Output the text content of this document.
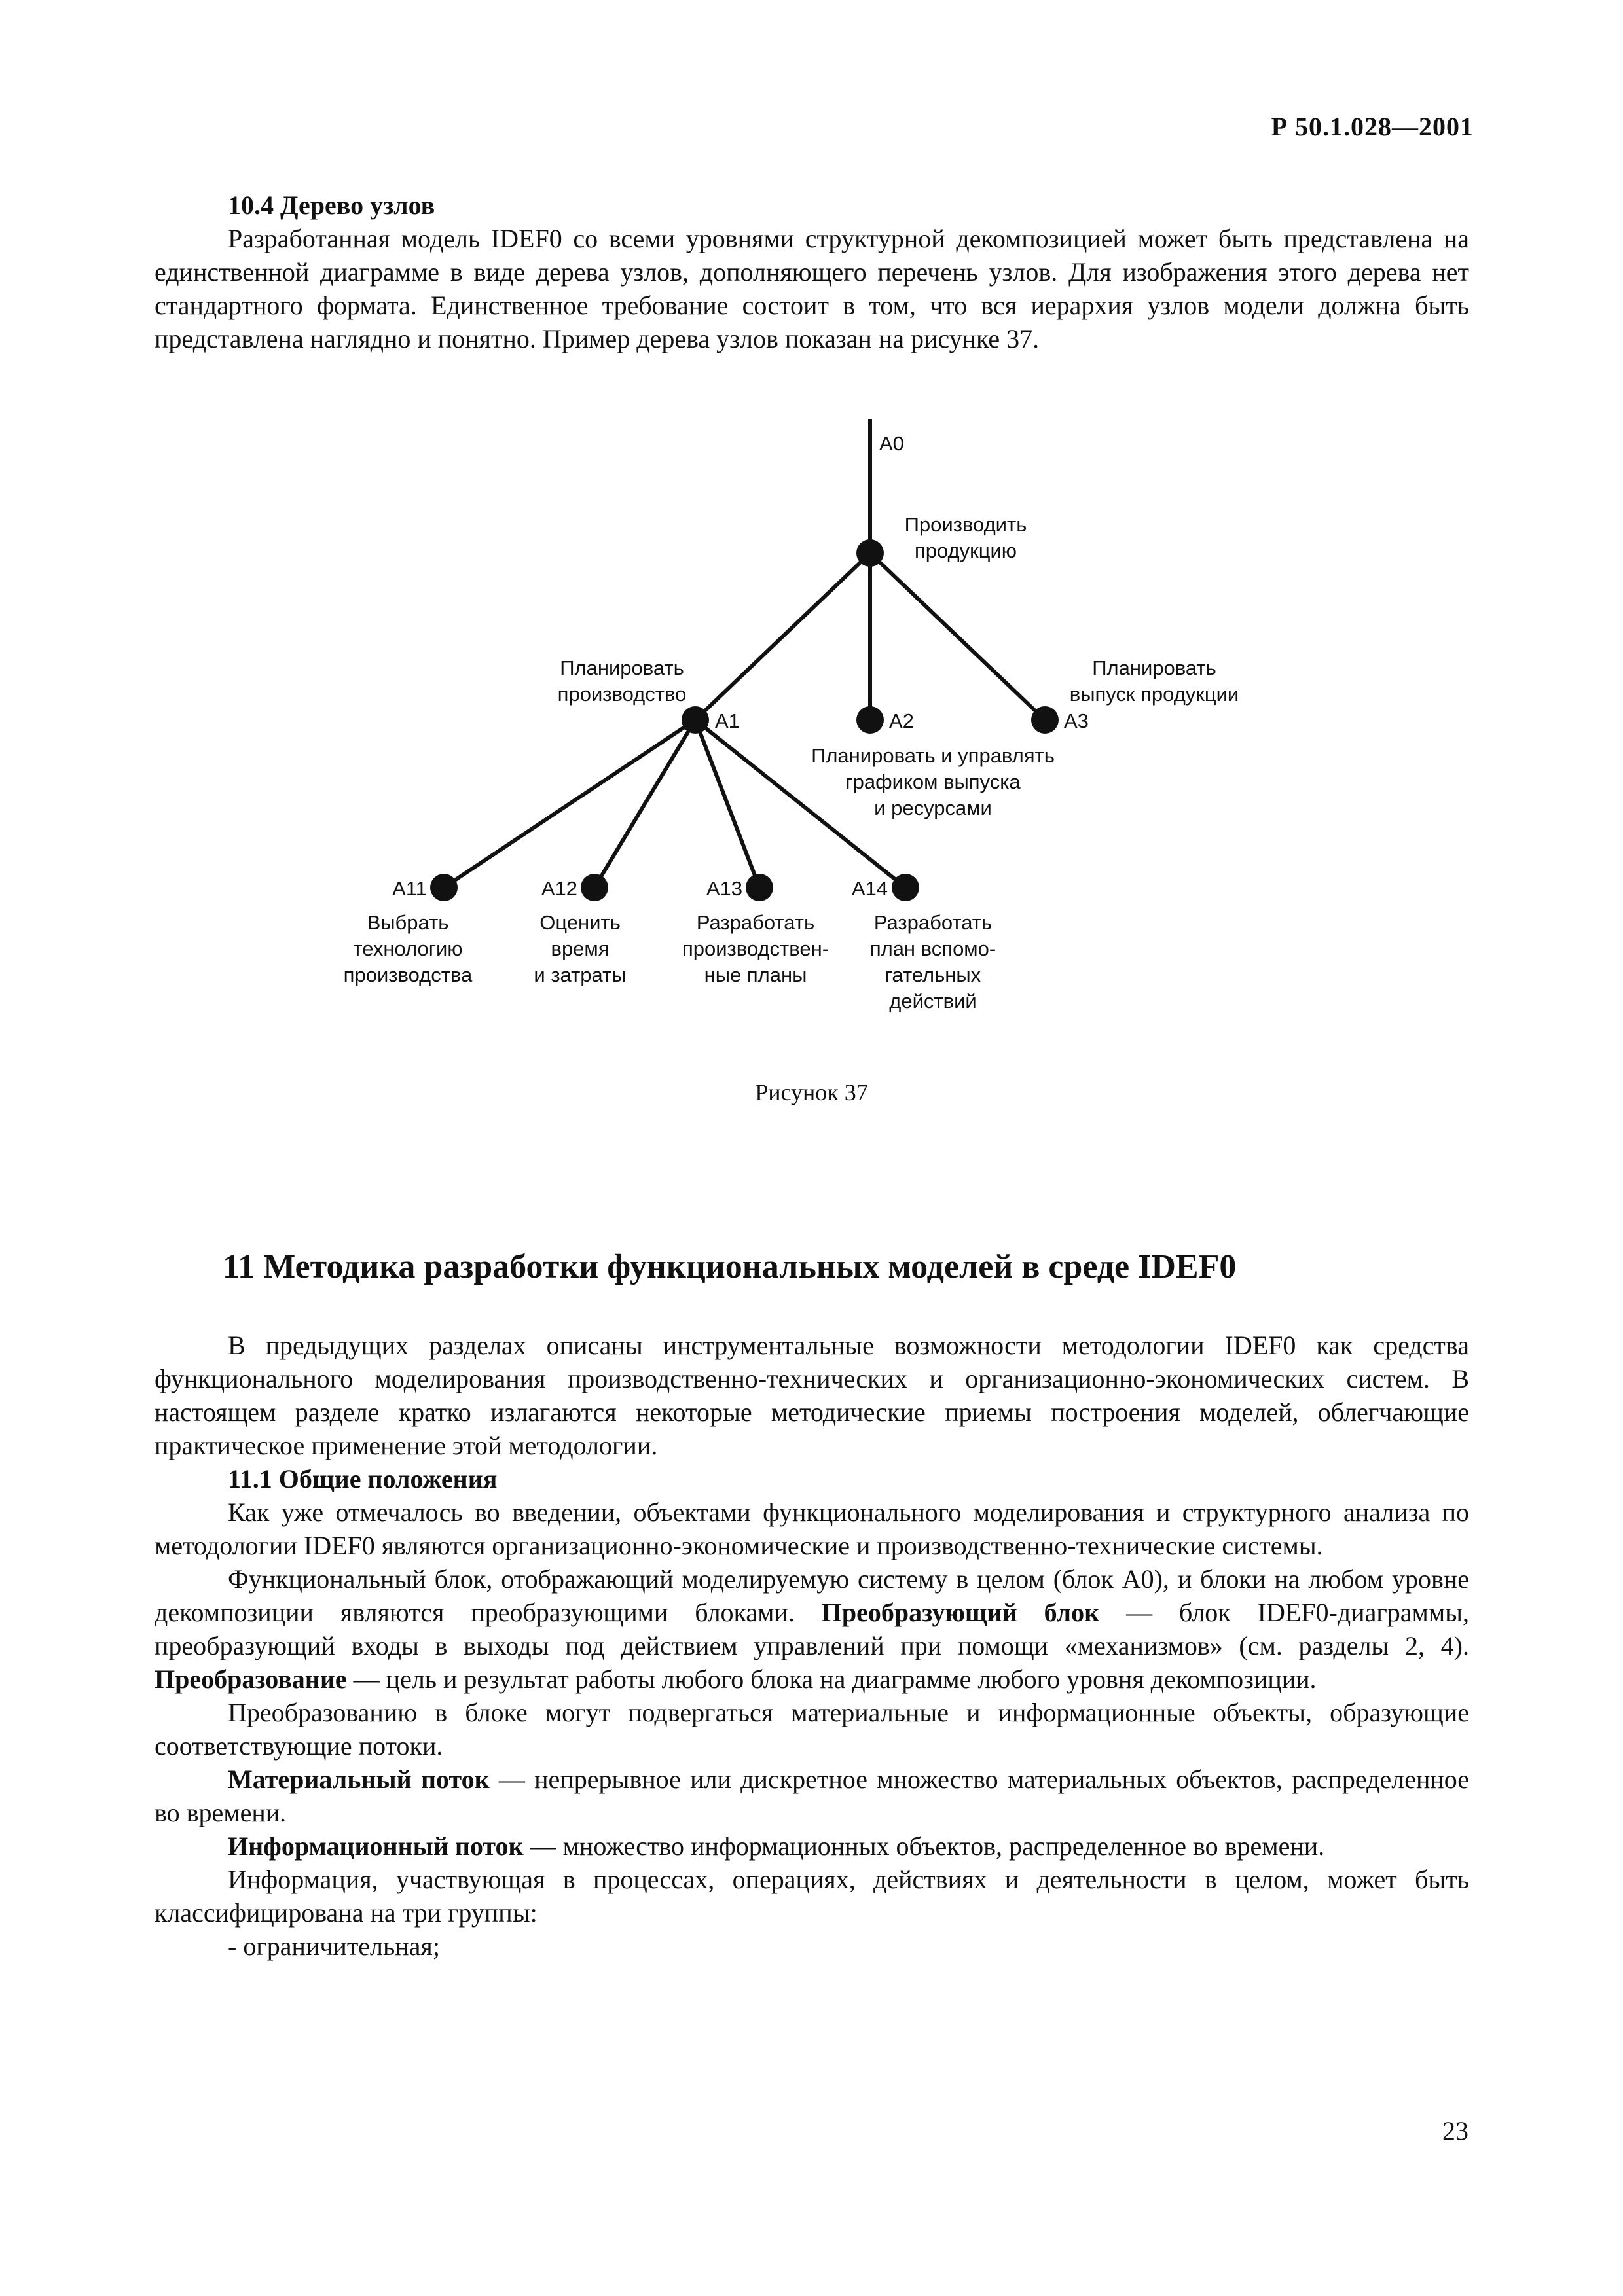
Р 50.1.028—2001

10.4 Дерево узлов

Разработанная модель IDEF0 со всеми уровнями структурной декомпозицией может быть представлена на единственной диаграмме в виде дерева узлов, дополняющего перечень узлов. Для изображения этого дерева нет стандартного формата. Единственное требование состоит в том, что вся иерархия узлов модели должна быть представлена наглядно и понятно. Пример дерева узлов показан на рисунке 37.

А0
Производить
продукцию
Планировать
производство
А1	А2
Планировать и управлять
графиком выпуска
и ресурсами
Планировать
выпуск продукции
А3
А11
Выбрать
технологию
производства
А12
Оценить
время
и затраты
А13
Разработать
производствен-
ные планы
А14
Разработать
план вспомо-
гательных
действий
Рисунок 37
11 Методика разработки функциональных моделей в среде IDEF0

В предыдущих разделах описаны инструментальные возможности методологии IDEF0 как средства функционального моделирования производственно-технических и организационно-экономических систем. В настоящем разделе кратко излагаются некоторые методические приемы построения моделей, облегчающие практическое применение этой методологии.

11.1 Общие положения

Как уже отмечалось во введении, объектами функционального моделирования и структурного анализа по методологии IDEF0 являются организационно-экономические и производственно-технические системы.

Функциональный блок, отображающий моделируемую систему в целом (блок А0), и блоки на любом уровне декомпозиции являются преобразующими блоками. Преобразующий блок — блок IDEF0-диаграммы, преобразующий входы в выходы под действием управлений при помощи «механизмов» (см. разделы 2, 4). Преобразование — цель и результат работы любого блока на диаграмме любого уровня декомпозиции.

Преобразованию в блоке могут подвергаться материальные и информационные объекты, образующие соответствующие потоки.

Материальный поток — непрерывное или дискретное множество материальных объектов, распределенное во времени.

Информационный поток — множество информационных объектов, распределенное во времени.

Информация, участвующая в процессах, операциях, действиях и деятельности в целом, может быть классифицирована на три группы:

- ограничительная;

23
